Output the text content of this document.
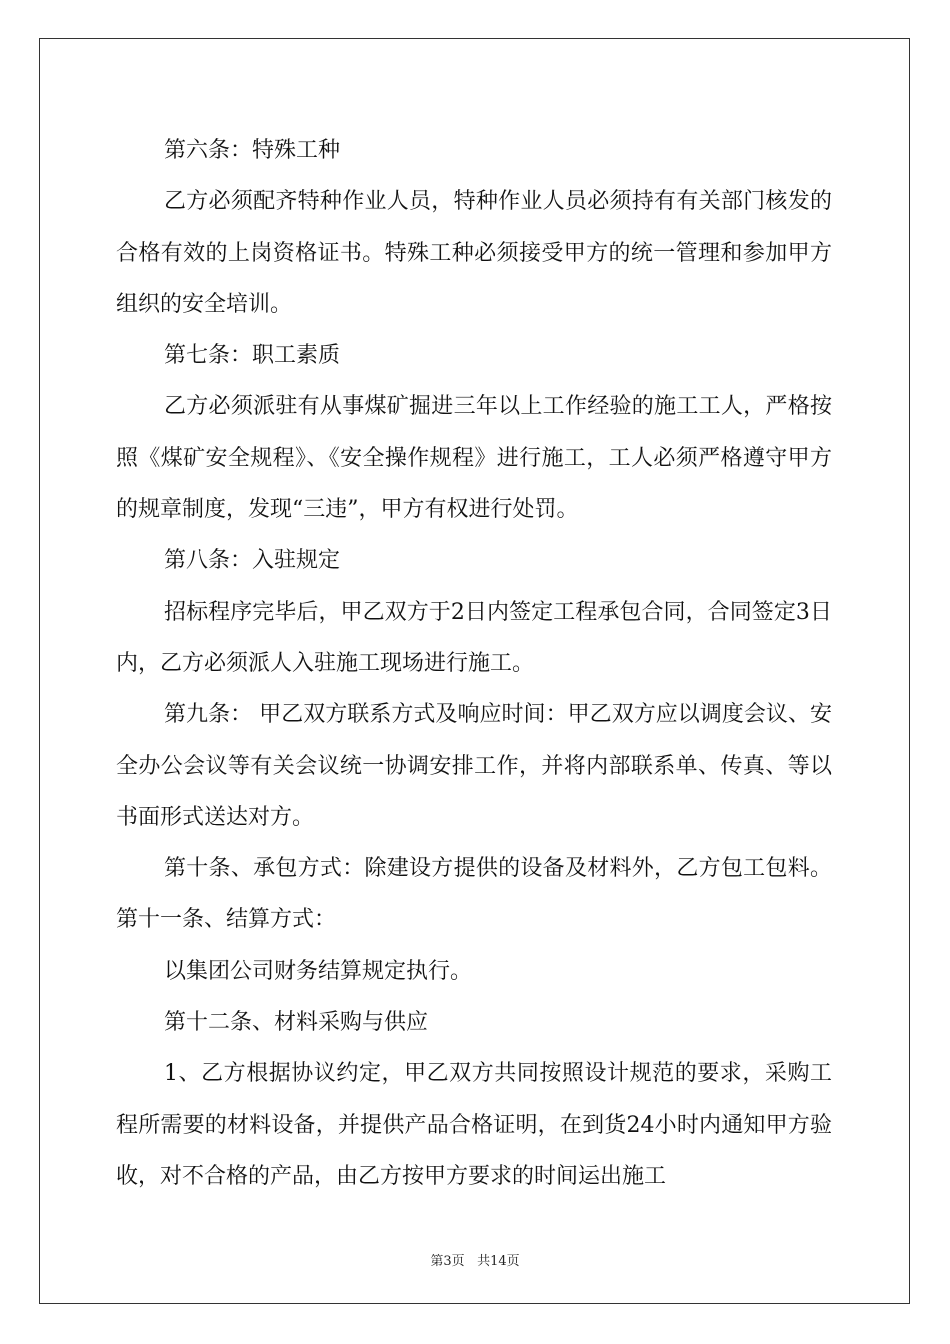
第六条：特殊工种

乙方必须配齐特种作业人员，特种作业人员必须持有有关部门核发的合格有效的上岗资格证书。特殊工种必须接受甲方的统一管理和参加甲方组织的安全培训。

第七条：职工素质

乙方必须派驻有从事煤矿掘进三年以上工作经验的施工工人，严格按照《煤矿安全规程》、《安全操作规程》进行施工，工人必须严格遵守甲方的规章制度，发现“三违”，甲方有权进行处罚。

第八条：入驻规定

招标程序完毕后，甲乙双方于2日内签定工程承包合同，合同签定3日内，乙方必须派人入驻施工现场进行施工。

第九条： 甲乙双方联系方式及响应时间：甲乙双方应以调度会议、安全办公会议等有关会议统一协调安排工作，并将内部联系单、传真、等以书面形式送达对方。

第十条、承包方式：除建设方提供的设备及材料外，乙方包工包料。 第十一条、结算方式：

以集团公司财务结算规定执行。

第十二条、材料采购与供应

1、乙方根据协议约定，甲乙双方共同按照设计规范的要求，采购工程所需要的材料设备，并提供产品合格证明，在到货24小时内通知甲方验收，对不合格的产品，由乙方按甲方要求的时间运出施工

第3页 共14页
